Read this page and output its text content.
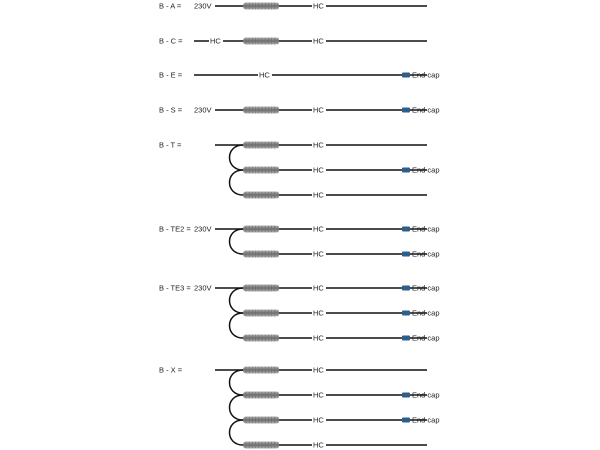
B - A = 230V	HC
B - C =	HC	HC
B - E =	HC	End cap
B - S = 230V	HC	End cap
B - T =	HC
HC	End cap
HC
B - TE2 = 230V	HC	End cap
HC	End cap
B - TE3 = 230V	HC	End cap
HC	End cap
HC	End cap
B - X =	HC
HC	End cap
HC	End cap
HC
